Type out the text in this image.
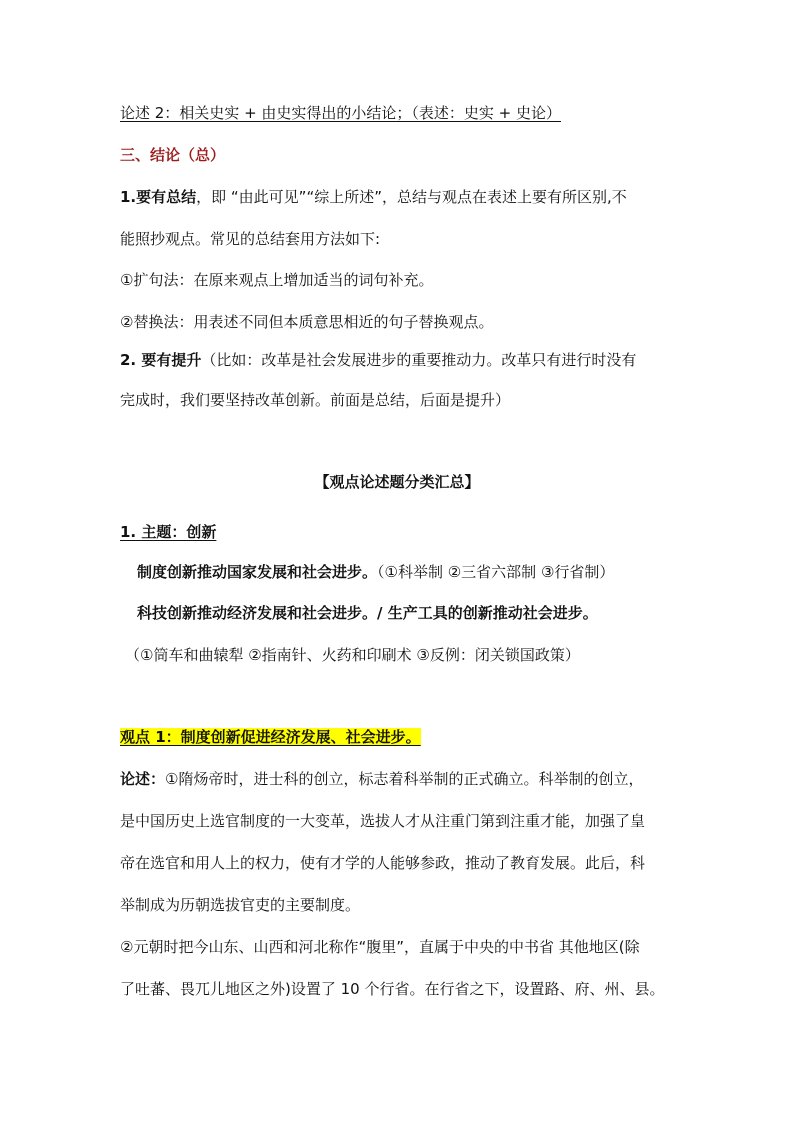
论述 2：相关史实 + 由史实得出的小结论；（表述：史实 + 史论）

三、结论（总）

1.要有总结，即 “由此可见”“综上所述”，总结与观点在表述上要有所区别,不

能照抄观点。常见的总结套用方法如下:

①扩句法：在原来观点上增加适当的词句补充。

②替换法：用表述不同但本质意思相近的句子替换观点。

2. 要有提升（比如：改革是社会发展进步的重要推动力。改革只有进行时没有

完成时，我们要坚持改革创新。前面是总结，后面是提升）

【观点论述题分类汇总】

1. 主题：创新

制度创新推动国家发展和社会进步。（①科举制 ②三省六部制 ③行省制）

科技创新推动经济发展和社会进步。/ 生产工具的创新推动社会进步。

（①筒车和曲辕犁 ②指南针、火药和印刷术 ③反例：闭关锁国政策）

观点 1：制度创新促进经济发展、社会进步。

论述：①隋炀帝时，进士科的创立，标志着科举制的正式确立。科举制的创立，

是中国历史上选官制度的一大变革，选拔人才从注重门第到注重才能，加强了皇

帝在选官和用人上的权力，使有才学的人能够参政，推动了教育发展。此后，科

举制成为历朝选拔官吏的主要制度。

②元朝时把今山东、山西和河北称作“腹里”，直属于中央的中书省 其他地区(除

了吐蕃、畏兀儿地区之外)设置了 10 个行省。在行省之下，设置路、府、州、县。
